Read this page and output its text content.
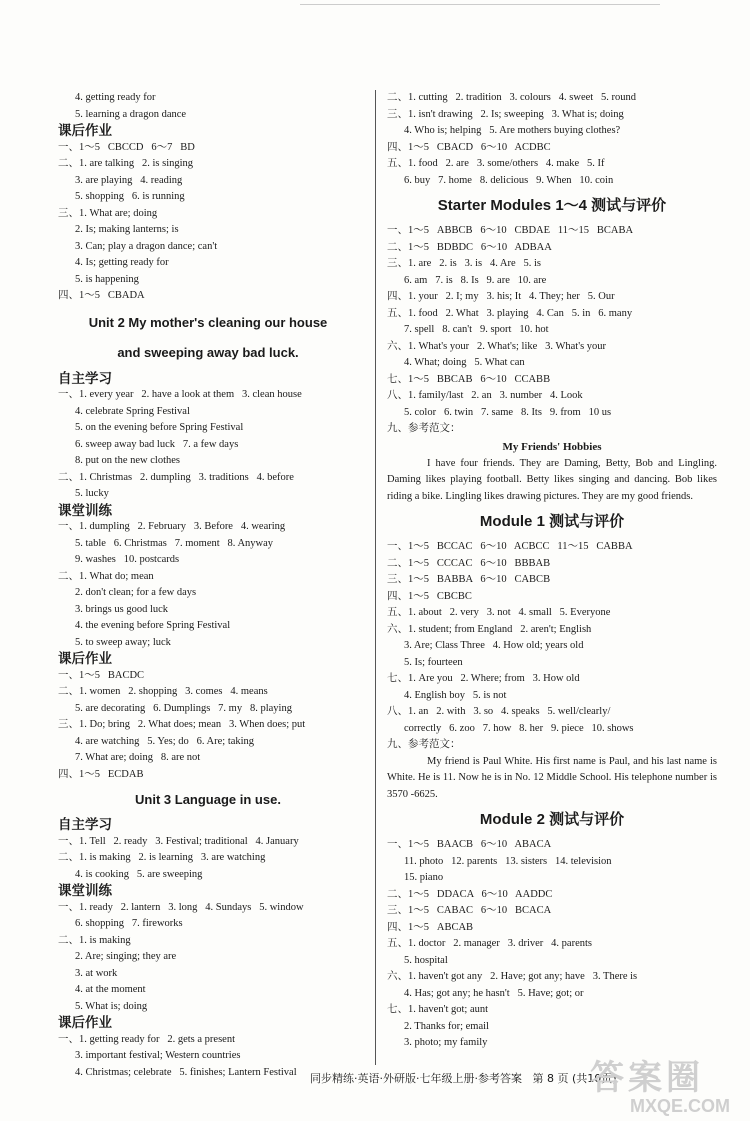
4. getting ready for
5. learning a dragon dance
课后作业
一、1～5   CBCCD   6～7   BD
二、1. are talking   2. is singing
3. are playing   4. reading
5. shopping   6. is running
三、1. What are; doing
2. Is; making lanterns; is
3. Can; play a dragon dance; can't
4. Is; getting ready for
5. is happening
四、1～5   CBADA
Unit 2 My mother's cleaning our house
and sweeping away bad luck.
自主学习
一、1. every year   2. have a look at them   3. clean house
4. celebrate Spring Festival
5. on the evening before Spring Festival
6. sweep away bad luck   7. a few days
8. put on the new clothes
二、1. Christmas   2. dumpling   3. traditions   4. before
5. lucky
课堂训练
一、1. dumpling   2. February   3. Before   4. wearing
5. table   6. Christmas   7. moment   8. Anyway
9. washes   10. postcards
二、1. What do; mean
2. don't clean; for a few days
3. brings us good luck
4. the evening before Spring Festival
5. to sweep away; luck
课后作业
一、1～5   BACDC
二、1. women   2. shopping   3. comes   4. means
5. are decorating   6. Dumplings   7. my   8. playing
三、1. Do; bring   2. What does; mean   3. When does; put
4. are watching   5. Yes; do   6. Are; taking
7. What are; doing   8. are not
四、1～5   ECDAB
Unit 3 Language in use.
自主学习
一、1. Tell   2. ready   3. Festival; traditional   4. January
二、1. is making   2. is learning   3. are watching
4. is cooking   5. are sweeping
课堂训练
一、1. ready   2. lantern   3. long   4. Sundays   5. window
6. shopping   7. fireworks
二、1. is making
2. Are; singing; they are
3. at work
4. at the moment
5. What is; doing
课后作业
一、1. getting ready for   2. gets a present
3. important festival; Western countries
4. Christmas; celebrate   5. finishes; Lantern Festival
二、1. cutting   2. tradition   3. colours   4. sweet   5. round
三、1. isn't drawing   2. Is; sweeping   3. What is; doing
4. Who is; helping   5. Are mothers buying clothes?
四、1～5   CBACD   6～10   ACDBC
五、1. food   2. are   3. some/others   4. make   5. If
6. buy   7. home   8. delicious   9. When   10. coin
Starter Modules 1～4 测试与评价
一、1～5   ABBCB   6～10   CBDAE   11～15   BCABA
二、1～5   BDBDC   6～10   ADBAA
三、1. are   2. is   3. is   4. Are   5. is
6. am   7. is   8. Is   9. are   10. are
四、1. your   2. I; my   3. his; It   4. They; her   5. Our
五、1. food   2. What   3. playing   4. Can   5. in   6. many
7. spell   8. can't   9. sport   10. hot
六、1. What's your   2. What's; like   3. What's your
4. What; doing   5. What can
七、1～5   BBCAB   6～10   CCABB
八、1. family/last   2. an   3. number   4. Look
5. color   6. twin   7. same   8. Its   9. from   10 us
九、参考范文：
My Friends' Hobbies
I have four friends. They are Daming, Betty, Bob and Lingling. Daming likes playing football. Betty likes singing and dancing. Bob likes riding a bike. Lingling likes drawing pictures. They are my good friends.
Module 1 测试与评价
一、1～5   BCCAC   6～10   ACBCC   11～15   CABBA
二、1～5   CCCAC   6～10   BBBAB
三、1～5   BABBA   6～10   CABCB
四、1～5   CBCBC
五、1. about   2. very   3. not   4. small   5. Everyone
六、1. student; from England   2. aren't; English
3. Are; Class Three   4. How old; years old
5. Is; fourteen
七、1. Are you   2. Where; from   3. How old
4. English boy   5. is not
八、1. an   2. with   3. so   4. speaks   5. well/clearly/
correctly   6. zoo   7. how   8. her   9. piece   10. shows
九、参考范文：
My friend is Paul White. His first name is Paul, and his last name is White. He is 11. Now he is in No. 12 Middle School. His telephone number is 3570 -6625.
Module 2 测试与评价
一、1～5   BAACB   6～10   ABACA
11. photo   12. parents   13. sisters   14. television
15. piano
二、1～5   DDACA   6～10   AADDC
三、1～5   CABAC   6～10   BCACA
四、1～5   ABCAB
五、1. doctor   2. manager   3. driver   4. parents
5. hospital
六、1. haven't got any   2. Have; got any; have   3. There is
4. Has; got any; he hasn't   5. Have; got; or
七、1. haven't got; aunt
2. Thanks for; email
3. photo; my family
同步精练·英语·外研版·七年级上册·参考答案   第 8 页 (共10页)
答案圈
MXQE.COM
